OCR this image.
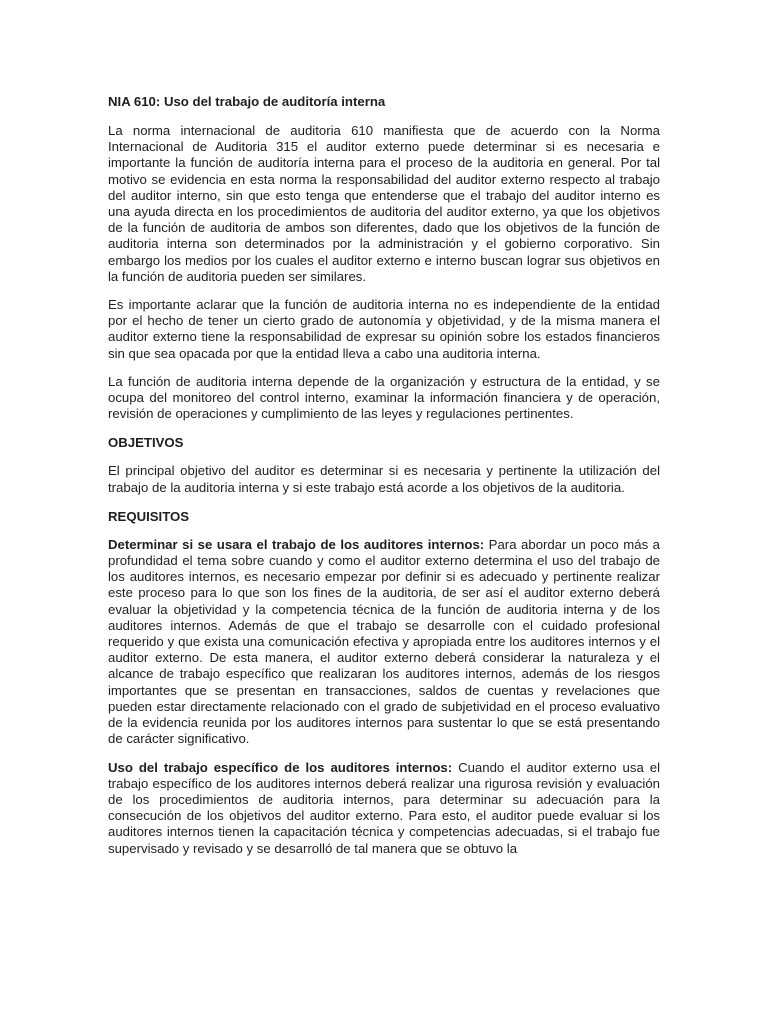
NIA 610: Uso del trabajo de auditoría interna

La norma internacional de auditoria 610 manifiesta que de acuerdo con la Norma Internacional de Auditoria 315 el auditor externo puede determinar si es necesaria e importante la función de auditoría interna para el proceso de la auditoria en general. Por tal motivo se evidencia en esta norma la responsabilidad del auditor externo respecto al trabajo del auditor interno, sin que esto tenga que entenderse que el trabajo del auditor interno es una ayuda directa en los procedimientos de auditoria del auditor externo, ya que los objetivos de la función de auditoria de ambos son diferentes, dado que los objetivos de la función de auditoria interna son determinados por la administración y el gobierno corporativo. Sin embargo los medios por los cuales el auditor externo e interno buscan lograr sus objetivos en la función de auditoria pueden ser similares.

Es importante aclarar que la función de auditoria interna no es independiente de la entidad por el hecho de tener un cierto grado de autonomía y objetividad, y de la misma manera el auditor externo tiene la responsabilidad de expresar su opinión sobre los estados financieros sin que sea opacada por que la entidad lleva a cabo una auditoria interna.

La función de auditoria interna depende de la organización y estructura de la entidad, y se ocupa del monitoreo del control interno, examinar la información financiera y de operación, revisión de operaciones y cumplimiento de las leyes y regulaciones pertinentes.

OBJETIVOS

El principal objetivo del auditor es determinar si es necesaria y pertinente la utilización del trabajo de la auditoria interna y si este trabajo está acorde a los objetivos de la auditoria.

REQUISITOS

Determinar si se usara el trabajo de los auditores internos: Para abordar un poco más a profundidad el tema sobre cuando y como el auditor externo determina el uso del trabajo de los auditores internos, es necesario empezar por definir si es adecuado y pertinente realizar este proceso para lo que son los fines de la auditoria, de ser así el auditor externo deberá evaluar la objetividad y la competencia técnica de la función de auditoria interna y de los auditores internos. Además de que el trabajo se desarrolle con el cuidado profesional requerido y que exista una comunicación efectiva y apropiada entre los auditores internos y el auditor externo. De esta manera, el auditor externo deberá considerar la naturaleza y el alcance de trabajo específico que realizaran los auditores internos, además de los riesgos importantes que se presentan en transacciones, saldos de cuentas y revelaciones que pueden estar directamente relacionado con el grado de subjetividad en el proceso evaluativo de la evidencia reunida por los auditores internos para sustentar lo que se está presentando de carácter significativo.

Uso del trabajo específico de los auditores internos: Cuando el auditor externo usa el trabajo específico de los auditores internos deberá realizar una rigurosa revisión y evaluación de los procedimientos de auditoria internos, para determinar su adecuación para la consecución de los objetivos del auditor externo. Para esto, el auditor puede evaluar si los auditores internos tienen la capacitación técnica y competencias adecuadas, si el trabajo fue supervisado y revisado y se desarrolló de tal manera que se obtuvo la
